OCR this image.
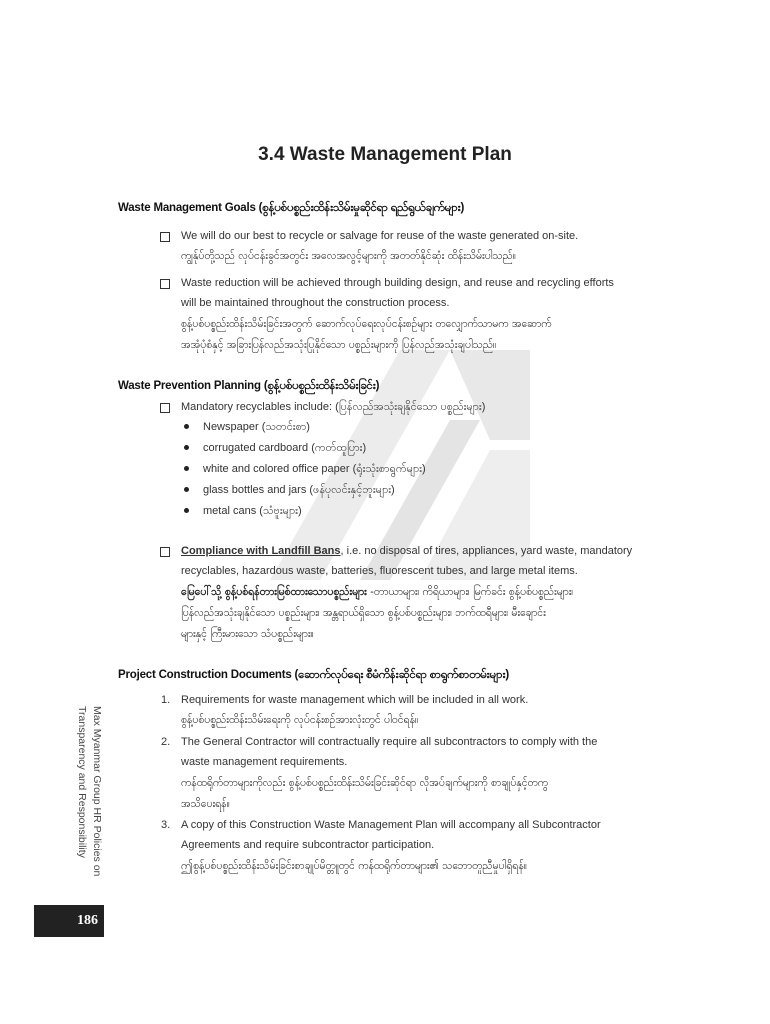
3.4 Waste Management Plan
Waste Management Goals (စွန့်ပစ်ပစ္စည်းထိန်းသိမ်းမှုဆိုင်ရာ ရည်ရွယ်ချက်များ)
We will do our best to recycle or salvage for reuse of the waste generated on-site.
ကျွန်ုပ်တို့သည် လုပ်ငန်းခွင်အတွင်း အလေအလွင့်များကို အတတ်နိုင်ဆုံး ထိန်းသိမ်းပါသည်။
Waste reduction will be achieved through building design, and reuse and recycling efforts
will be maintained throughout the construction process.
စွန့်ပစ်ပစ္စည်းထိန်းသိမ်းခြင်းအတွက် ဆောက်လုပ်ရေးလုပ်ငန်းစဉ်များ တလျှောက်သာမက အဆောက်
အအုံပုံစံနှင့် အခြားပြန်လည်အသုံးပြုနိုင်သော ပစ္စည်းများကို ပြန်လည်အသုံးချပါသည်။
Waste Prevention Planning (စွန့်ပစ်ပစ္စည်းထိန်းသိမ်းခြင်း)
Mandatory recyclables include: (ပြန်လည်အသုံးချနိုင်သော ပစ္စည်းများ)
Newspaper (သတင်းစာ)
corrugated cardboard (ကတ်ထူပြား)
white and colored office paper (ရုံးသုံးစာရွက်များ)
glass bottles and jars (ဖန်ပုလင်းနှင့်ဘူးများ)
metal cans (သံဗူးများ)
Compliance with Landfill Bans, i.e. no disposal of tires, appliances, yard waste, mandatory
recyclables, hazardous waste, batteries, fluorescent tubes, and large metal items.
မြေပေါ်သို့ စွန့်ပစ်ရန်တားမြစ်ထားသောပစ္စည်းများ -တာယာများ၊ ကိရိယာများ၊ မြက်ခင်း စွန့်ပစ်ပစ္စည်းများ၊
ပြန်လည်အသုံးချနိုင်သော ပစ္စည်းများ၊ အန္တရာယ်ရှိသော စွန့်ပစ်ပစ္စည်းများ၊ ဘက်ထရီများ၊ မီးချောင်း
များနှင့် ကြီးမားသော သံပစ္စည်းများ။
Project Construction Documents (ဆောက်လုပ်ရေး စီမံကိန်းဆိုင်ရာ စာရွက်စာတမ်းများ)
1. Requirements for waste management which will be included in all work.
စွန့်ပစ်ပစ္စည်းထိန်းသိမ်းရေးကို လုပ်ငန်းစဉ်အားလုံးတွင် ပါဝင်ရန်။
2. The General Contractor will contractually require all subcontractors to comply with the
waste management requirements.
ကန်ထရိုက်တာများကိုလည်း စွန့်ပစ်ပစ္စည်းထိန်းသိမ်းခြင်းဆိုင်ရာ လိုအပ်ချက်များကို စာချုပ်နှင့်တကွ
အသိပေးရန်။
3. A copy of this Construction Waste Management Plan will accompany all Subcontractor
Agreements and require subcontractor participation.
ဤစွန့်ပစ်ပစ္စည်းထိန်းသိမ်းခြင်းစာချုပ်မိတ္တူတွင် ကန်ထရိုက်တာများ၏ သဘောတူညီမှုပါရှိရန်။
Max Myanmar Group HR Policies on
Transparency and Responsibility
186
